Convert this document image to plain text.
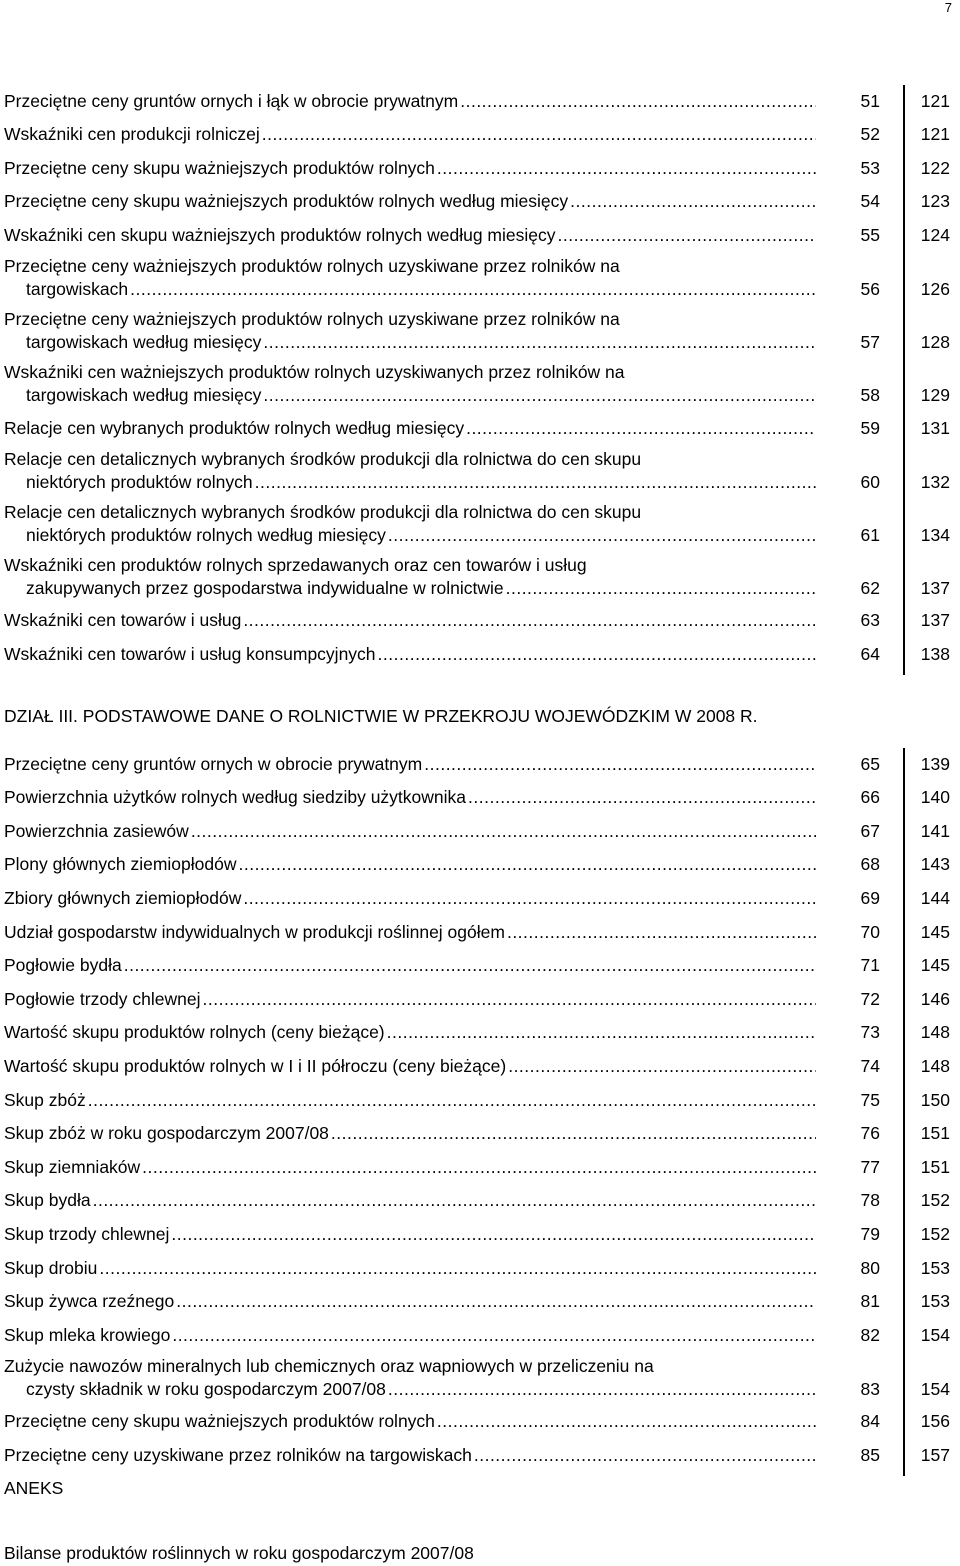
7
Przeciętne ceny gruntów ornych i łąk w obrocie prywatnym .....	51	121
Wskaźniki cen produkcji rolniczej .....	52	121
Przeciętne ceny skupu ważniejszych produktów rolnych .....	53	122
Przeciętne ceny skupu ważniejszych produktów rolnych według miesięcy .....	54	123
Wskaźniki cen skupu ważniejszych produktów rolnych według miesięcy .....	55	124
Przeciętne ceny ważniejszych produktów rolnych uzyskiwane przez rolników na
targowiskach .....	56	126
Przeciętne ceny ważniejszych produktów rolnych uzyskiwane przez rolników na
targowiskach według miesięcy .....	57	128
Wskaźniki cen ważniejszych produktów rolnych uzyskiwanych przez rolników na
targowiskach według miesięcy .....	58	129
Relacje cen wybranych produktów rolnych według miesięcy .....	59	131
Relacje cen detalicznych wybranych środków produkcji dla rolnictwa do cen skupu
niektórych produktów rolnych .....	60	132
Relacje cen detalicznych wybranych środków produkcji dla rolnictwa do cen skupu
niektórych produktów rolnych według miesięcy .....	61	134
Wskaźniki cen produktów rolnych sprzedawanych oraz cen towarów i usług
zakupywanych przez gospodarstwa indywidualne w rolnictwie .....	62	137
Wskaźniki cen towarów i usług .....	63	137
Wskaźniki cen towarów i usług konsumpcyjnych .....	64	138
DZIAŁ III. PODSTAWOWE DANE O ROLNICTWIE W PRZEKROJU WOJEWÓDZKIM W 2008 R.
Przeciętne ceny gruntów ornych w obrocie prywatnym .....	65	139
Powierzchnia użytków rolnych według siedziby użytkownika .....	66	140
Powierzchnia zasiewów .....	67	141
Plony głównych ziemiopłodów .....	68	143
Zbiory głównych ziemiopłodów .....	69	144
Udział gospodarstw indywidualnych w produkcji roślinnej ogółem .....	70	145
Pogłowie bydła .....	71	145
Pogłowie trzody chlewnej .....	72	146
Wartość skupu produktów rolnych (ceny bieżące) .....	73	148
Wartość skupu produktów rolnych w I i II półroczu (ceny bieżące) .....	74	148
Skup zbóż .....	75	150
Skup zbóż w roku gospodarczym 2007/08 .....	76	151
Skup ziemniaków .....	77	151
Skup bydła .....	78	152
Skup trzody chlewnej .....	79	152
Skup drobiu .....	80	153
Skup żywca rzeźnego .....	81	153
Skup mleka krowiego .....	82	154
Zużycie nawozów mineralnych lub chemicznych oraz wapniowych w przeliczeniu na
czysty składnik w roku gospodarczym 2007/08 .....	83	154
Przeciętne ceny skupu ważniejszych produktów rolnych .....	84	156
Przeciętne ceny uzyskiwane przez rolników na targowiskach .....	85	157
ANEKS
Bilanse produktów roślinnych w roku gospodarczym 2007/08
